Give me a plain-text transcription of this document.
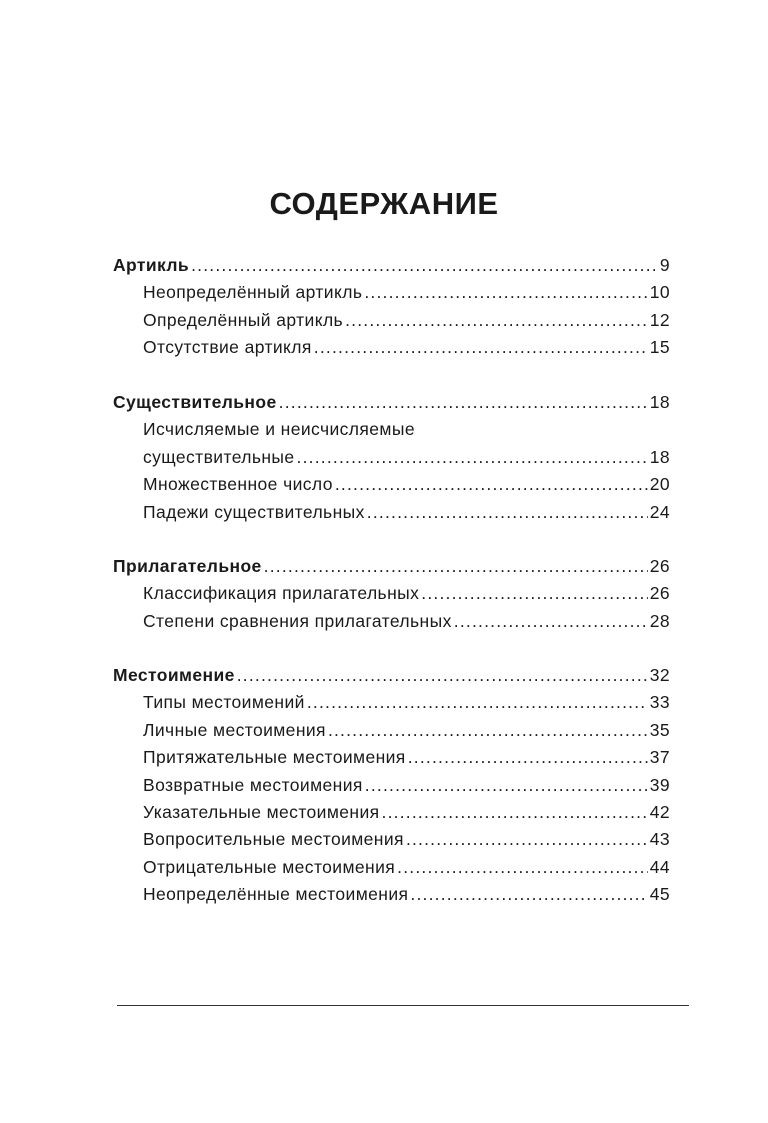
СОДЕРЖАНИЕ
Артикль .....	9
Неопределённый артикль .....	10
Определённый артикль .....	12
Отсутствие артикля .....	15
Существительное .....	18
Исчисляемые и неисчисляемые
существительные .....	18
Множественное число .....	20
Падежи существительных .....	24
Прилагательное .....	26
Классификация прилагательных .....	26
Степени сравнения прилагательных .....	28
Местоимение .....	32
Типы местоимений .....	33
Личные местоимения .....	35
Притяжательные местоимения .....	37
Возвратные местоимения .....	39
Указательные местоимения .....	42
Вопросительные местоимения .....	43
Отрицательные местоимения .....	44
Неопределённые местоимения .....	45
